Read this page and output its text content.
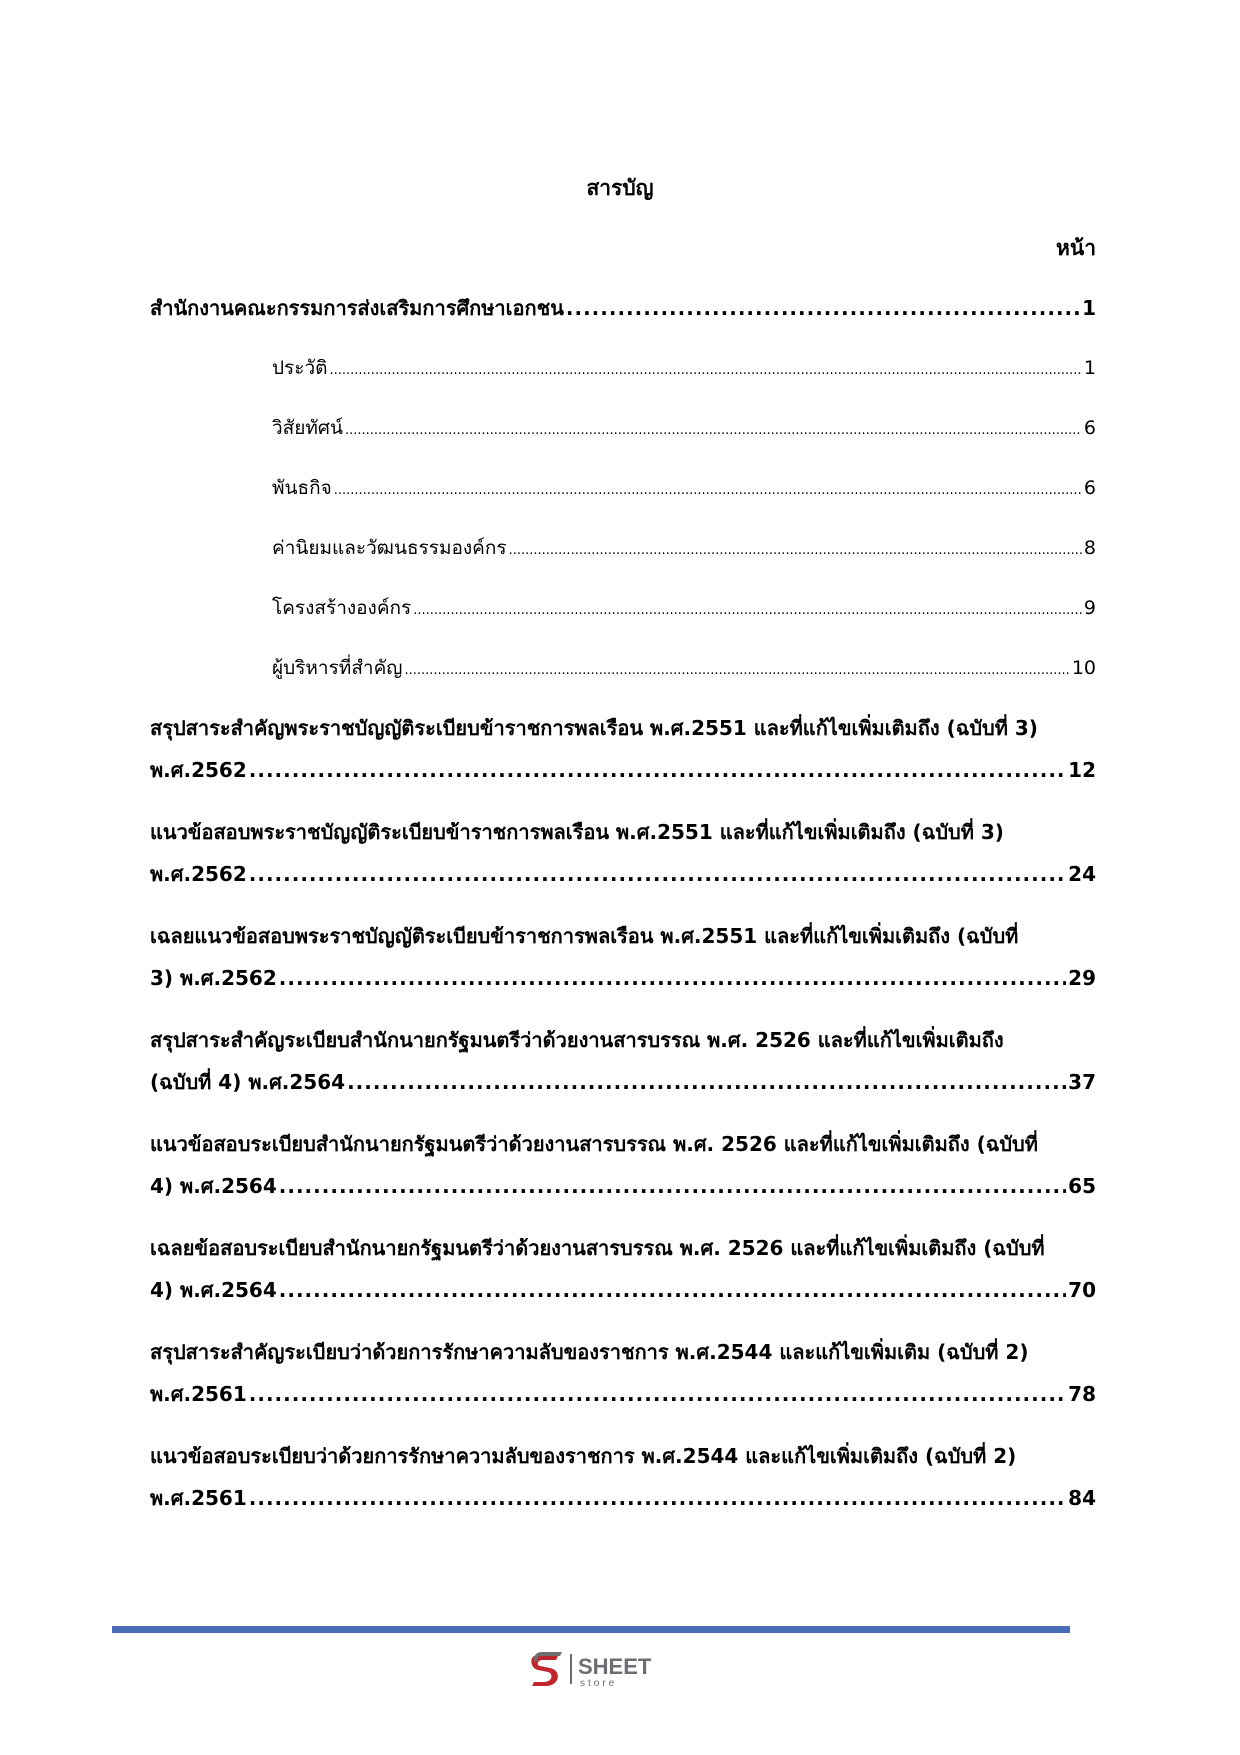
สารบัญ
หน้า
สำนักงานคณะกรรมการส่งเสริมการศึกษาเอกชน .....	1
ประวัติ .....	1
วิสัยทัศน์ .....	6
พันธกิจ .....	6
ค่านิยมและวัฒนธรรมองค์กร .....	8
โครงสร้างองค์กร .....	9
ผู้บริหารที่สำคัญ .....	10
สรุปสาระสำคัญพระราชบัญญัติระเบียบข้าราชการพลเรือน พ.ศ.2551 และที่แก้ไขเพิ่มเติมถึง (ฉบับที่ 3)
พ.ศ.2562 .....	12
แนวข้อสอบพระราชบัญญัติระเบียบข้าราชการพลเรือน พ.ศ.2551 และที่แก้ไขเพิ่มเติมถึง (ฉบับที่ 3)
พ.ศ.2562 .....	24
เฉลยแนวข้อสอบพระราชบัญญัติระเบียบข้าราชการพลเรือน พ.ศ.2551 และที่แก้ไขเพิ่มเติมถึง (ฉบับที่
3) พ.ศ.2562 .....	29
สรุปสาระสำคัญระเบียบสำนักนายกรัฐมนตรีว่าด้วยงานสารบรรณ พ.ศ. 2526 และที่แก้ไขเพิ่มเติมถึง
(ฉบับที่ 4) พ.ศ.2564 .....	37
แนวข้อสอบระเบียบสำนักนายกรัฐมนตรีว่าด้วยงานสารบรรณ พ.ศ. 2526 และที่แก้ไขเพิ่มเติมถึง (ฉบับที่
4) พ.ศ.2564 .....	65
เฉลยข้อสอบระเบียบสำนักนายกรัฐมนตรีว่าด้วยงานสารบรรณ พ.ศ. 2526 และที่แก้ไขเพิ่มเติมถึง (ฉบับที่
4) พ.ศ.2564 .....	70
สรุปสาระสำคัญระเบียบว่าด้วยการรักษาความลับของราชการ พ.ศ.2544 และแก้ไขเพิ่มเติม (ฉบับที่ 2)
พ.ศ.2561 .....	78
แนวข้อสอบระเบียบว่าด้วยการรักษาความลับของราชการ พ.ศ.2544 และแก้ไขเพิ่มเติมถึง (ฉบับที่ 2)
พ.ศ.2561 .....	84
SHEET
store
